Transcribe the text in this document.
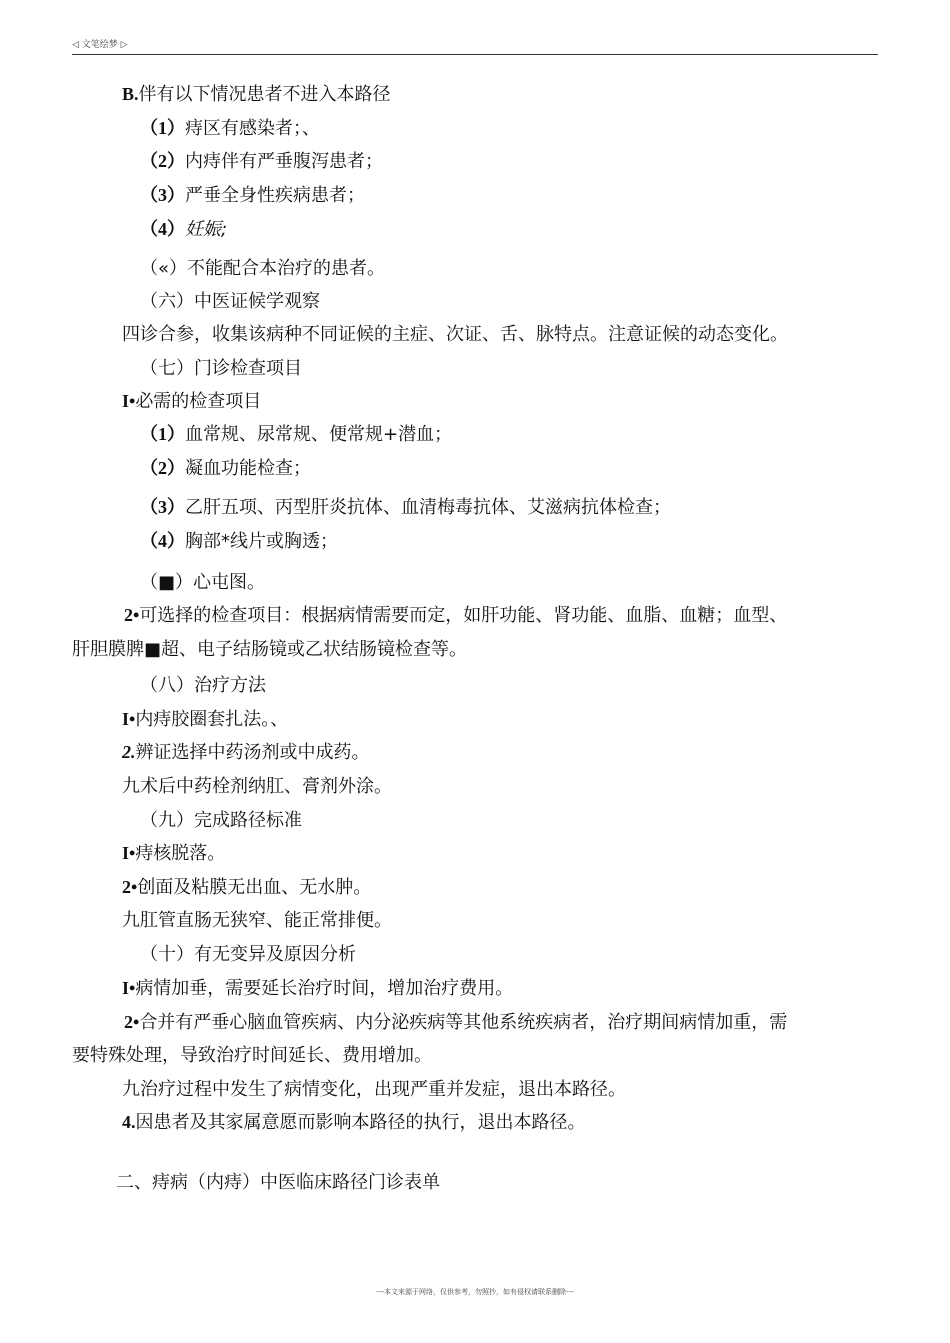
◁ 文笔绘梦 ▷
B.伴有以下情况患者不进入本路径
（1）痔区有感染者；、
（2）内痔伴有严垂腹泻患者；
（3）严垂全身性疾病患者；
（4）妊娠;
（«）不能配合本治疗的患者。
（六）中医证候学观察
四诊合参，收集该病种不同证候的主症、次证、舌、脉特点。注意证候的动态变化。
（七）门诊检查项目
I•必需的检查项目
（1）血常规、尿常规、便常规+潜血；
（2）凝血功能检查；
（3）乙肝五项、丙型肝炎抗体、血清梅毒抗体、艾滋病抗体检查；
（4）胸部*线片或胸透；
（■）心屯图。
2•可选择的检查项目：根据病情需要而定，如肝功能、肾功能、血脂、血糖；血型、
肝胆膜脾■超、电子结肠镜或乙状结肠镜检查等。
（八）治疗方法
I•内痔胶圈套扎法。、
2.辨证选择中药汤剂或中成药。
九术后中药栓剂纳肛、膏剂外涂。
（九）完成路径标准
I•痔核脱落。
2•创面及粘膜无出血、无水肿。
九肛管直肠无狭窄、能正常排便。
（十）有无变异及原因分析
I•病情加垂，需要延长治疗时间，增加治疗费用。
2•合并有严垂心脑血管疾病、内分泌疾病等其他系统疾病者，治疗期间病情加重，需
要特殊处理，导致治疗时间延长、费用增加。
九治疗过程中发生了病情变化，出现严重并发症，退出本路径。
4.因患者及其家属意愿而影响本路径的执行，退出本路径。
二、痔病（内痔）中医临床路径门诊表单
---本文来源于网络，仅供参考，勿照抄，如有侵权请联系删除---
